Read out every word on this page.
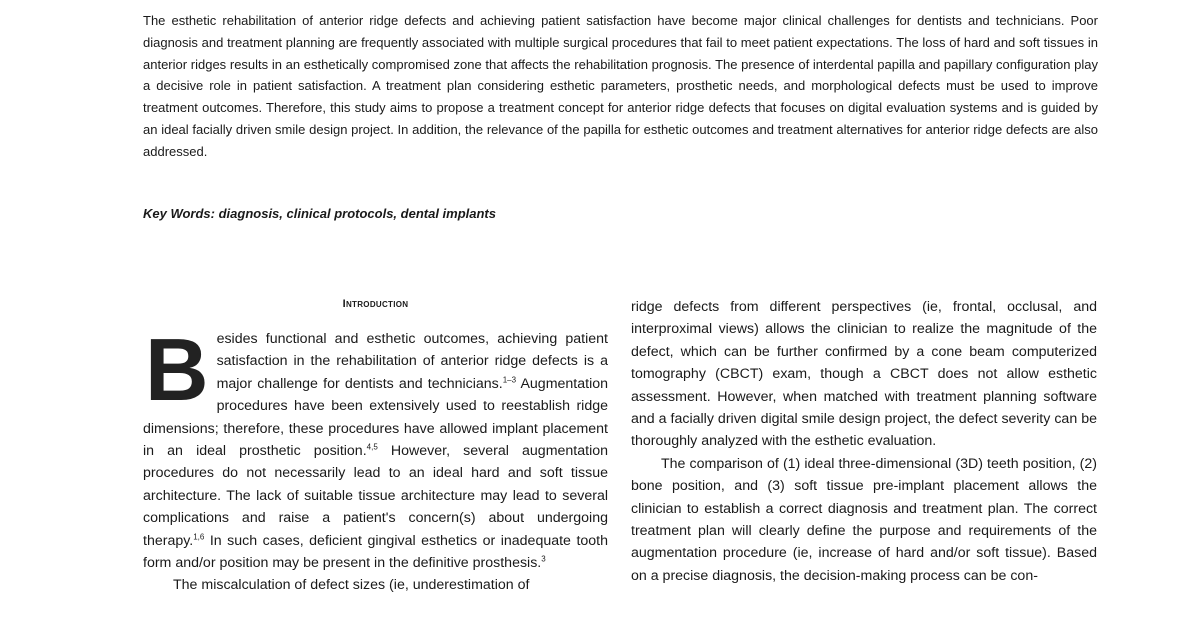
The esthetic rehabilitation of anterior ridge defects and achieving patient satisfaction have become major clinical challenges for dentists and technicians. Poor diagnosis and treatment planning are frequently associated with multiple surgical procedures that fail to meet patient expectations. The loss of hard and soft tissues in anterior ridges results in an esthetically compromised zone that affects the rehabilitation prognosis. The presence of interdental papilla and papillary configuration play a decisive role in patient satisfaction. A treatment plan considering esthetic parameters, prosthetic needs, and morphological defects must be used to improve treatment outcomes. Therefore, this study aims to propose a treatment concept for anterior ridge defects that focuses on digital evaluation systems and is guided by an ideal facially driven smile design project. In addition, the relevance of the papilla for esthetic outcomes and treatment alternatives for anterior ridge defects are also addressed.

Key Words: diagnosis, clinical protocols, dental implants

Introduction

Besides functional and esthetic outcomes, achieving patient satisfaction in the rehabilitation of anterior ridge defects is a major challenge for dentists and technicians.$^{1-3}$ Augmentation procedures have been extensively used to reestablish ridge dimensions; therefore, these procedures have allowed implant placement in an ideal prosthetic position.$^{4,5}$ However, several augmentation procedures do not necessarily lead to an ideal hard and soft tissue architecture. The lack of suitable tissue architecture may lead to several complications and raise a patient's concern(s) about undergoing therapy.$^{1,6}$ In such cases, deficient gingival esthetics or inadequate tooth form and/or position may be present in the definitive prosthesis.$^3$

The miscalculation of defect sizes (ie, underestimation of

ridge defects from different perspectives (ie, frontal, occlusal, and interproximal views) allows the clinician to realize the magnitude of the defect, which can be further confirmed by a cone beam computerized tomography (CBCT) exam, though a CBCT does not allow esthetic assessment. However, when matched with treatment planning software and a facially driven digital smile design project, the defect severity can be thoroughly analyzed with the esthetic evaluation.

The comparison of (1) ideal three-dimensional (3D) teeth position, (2) bone position, and (3) soft tissue pre-implant placement allows the clinician to establish a correct diagnosis and treatment plan. The correct treatment plan will clearly define the purpose and requirements of the augmentation procedure (ie, increase of hard and/or soft tissue). Based on a precise diagnosis, the decision-making process can be con-
